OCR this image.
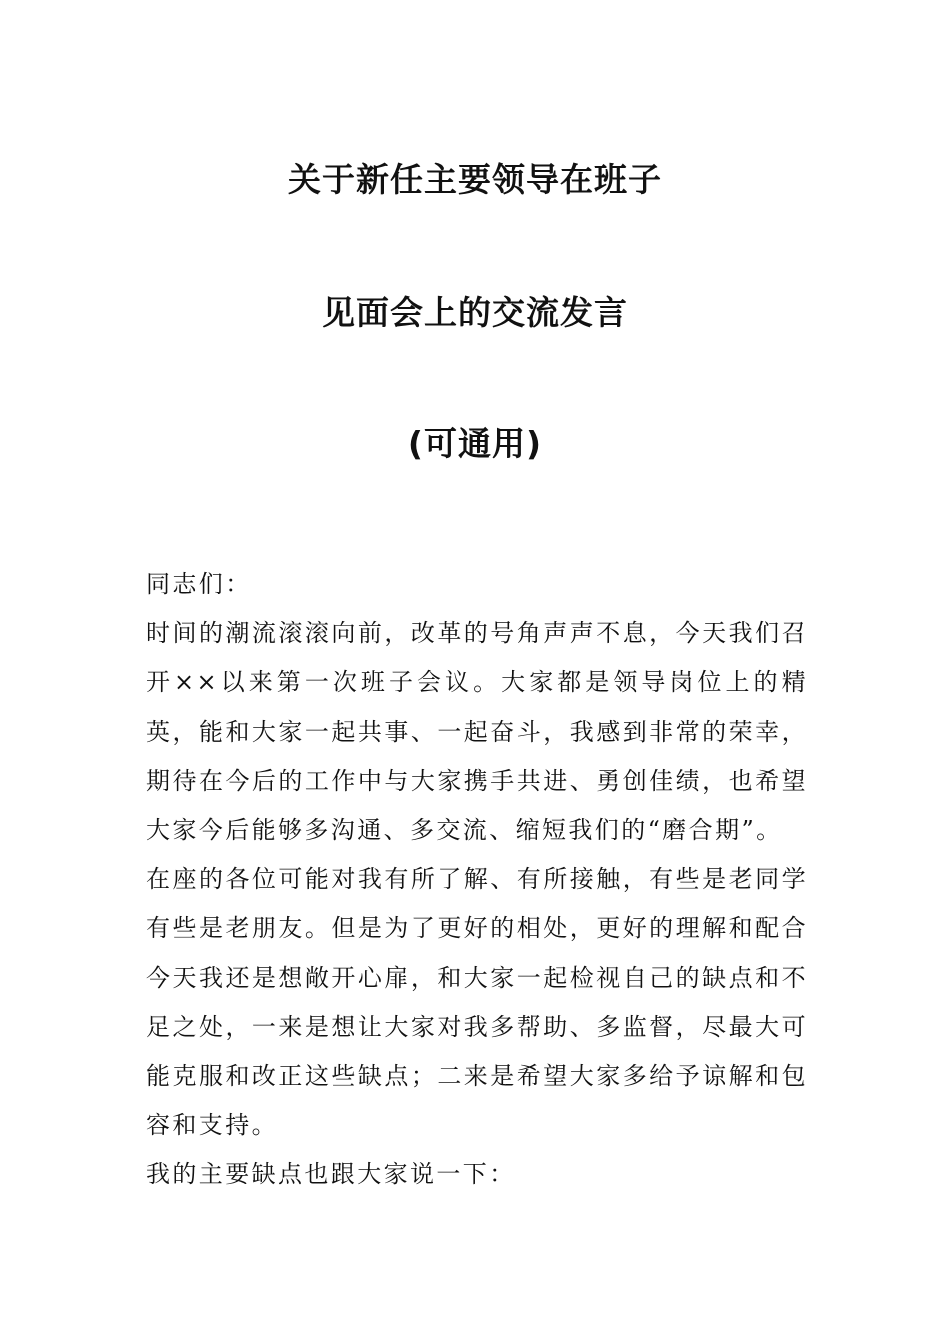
关于新任主要领导在班子
见面会上的交流发言
(可通用)

同志们：

时间的潮流滚滚向前，改革的号角声声不息，今天我们召开××以来第一次班子会议。大家都是领导岗位上的精英，能和大家一起共事、一起奋斗，我感到非常的荣幸，期待在今后的工作中与大家携手共进、勇创佳绩，也希望大家今后能够多沟通、多交流、缩短我们的“磨合期”。

在座的各位可能对我有所了解、有所接触，有些是老同学有些是老朋友。但是为了更好的相处，更好的理解和配合今天我还是想敞开心扉，和大家一起检视自己的缺点和不足之处，一来是想让大家对我多帮助、多监督，尽最大可能克服和改正这些缺点；二来是希望大家多给予谅解和包容和支持。

我的主要缺点也跟大家说一下：
